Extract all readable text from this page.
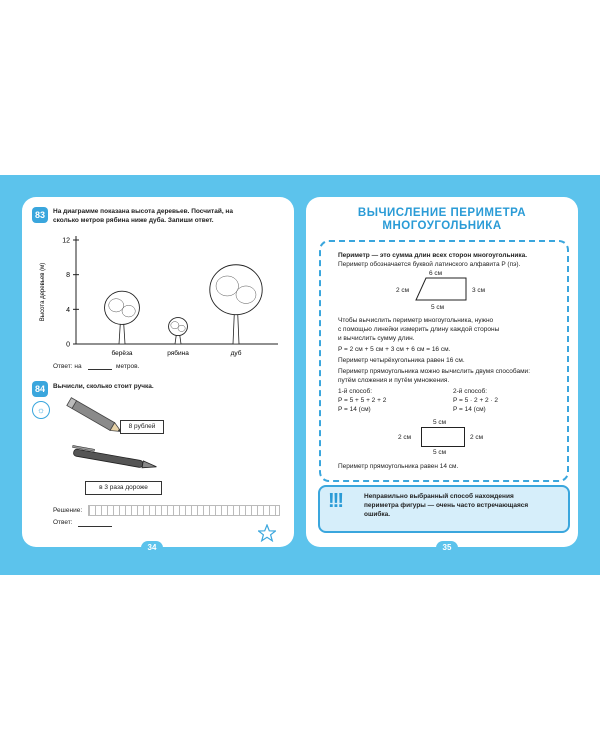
83	На диаграмме показана высота деревьев. Посчитай, на
сколько метров рябина ниже дуба. Запиши ответ.
0
4
8
12
Высота деревьев (м)
берёза	рябина	дуб
Ответ: на	метров.
84
☼
Вычисли, сколько стоит ручка.
8 рублей
в 3 раза дороже
Решение:
Ответ:
34
ВЫЧИСЛЕНИЕ ПЕРИМЕТРА
МНОГОУГОЛЬНИКА
Периметр — это сумма длин всех сторон многоугольника.
Периметр обозначается буквой латинского алфавита P (пэ).
6 см
2 см	3 см
5 см
Чтобы вычислить периметр многоугольника, нужно
с помощью линейки измерить длину каждой стороны
и вычислить сумму длин.
P = 2 см + 5 см + 3 см + 6 см = 16 см.
Периметр четырёхугольника равен 16 см.
Периметр прямоугольника можно вычислить двумя способами:
путём сложения и путём умножения.
1-й способ:
P = 5 + 5 + 2 + 2
P = 14 (см)
2-й способ:
P = 5 · 2 + 2 · 2
P = 14 (см)
5 см
2 см	2 см
5 см
Периметр прямоугольника равен 14 см.
!!!	Неправильно выбранный способ нахождения
периметра фигуры — очень часто встречающаяся
ошибка.
35
